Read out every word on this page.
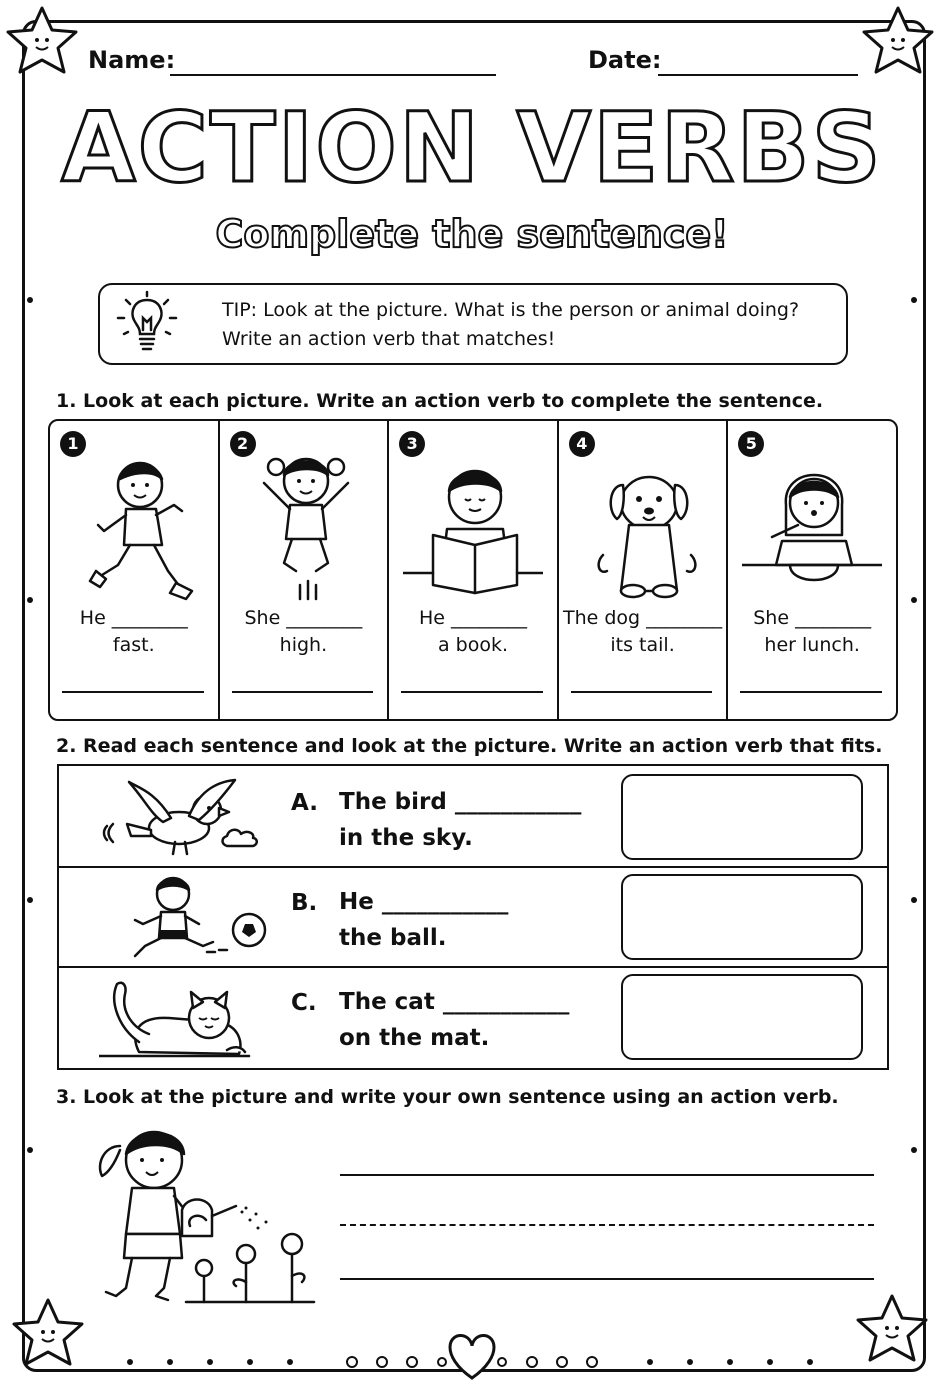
Name:	Date:
ACTION VERBS
Complete the sentence!
TIP: Look at the picture. What is the person or animal doing?
Write an action verb that matches!
1. Look at each picture. Write an action verb to complete the sentence.
1
He ________
fast.
2
She ________
high.
3
He ________
a book.
4
The dog ________
its tail.
5
She ________
her lunch.
2. Read each sentence and look at the picture. Write an action verb that fits.
A. The bird ___________
in the sky.
B. He ___________
the ball.
C. The cat ___________
on the mat.
3. Look at the picture and write your own sentence using an action verb.
